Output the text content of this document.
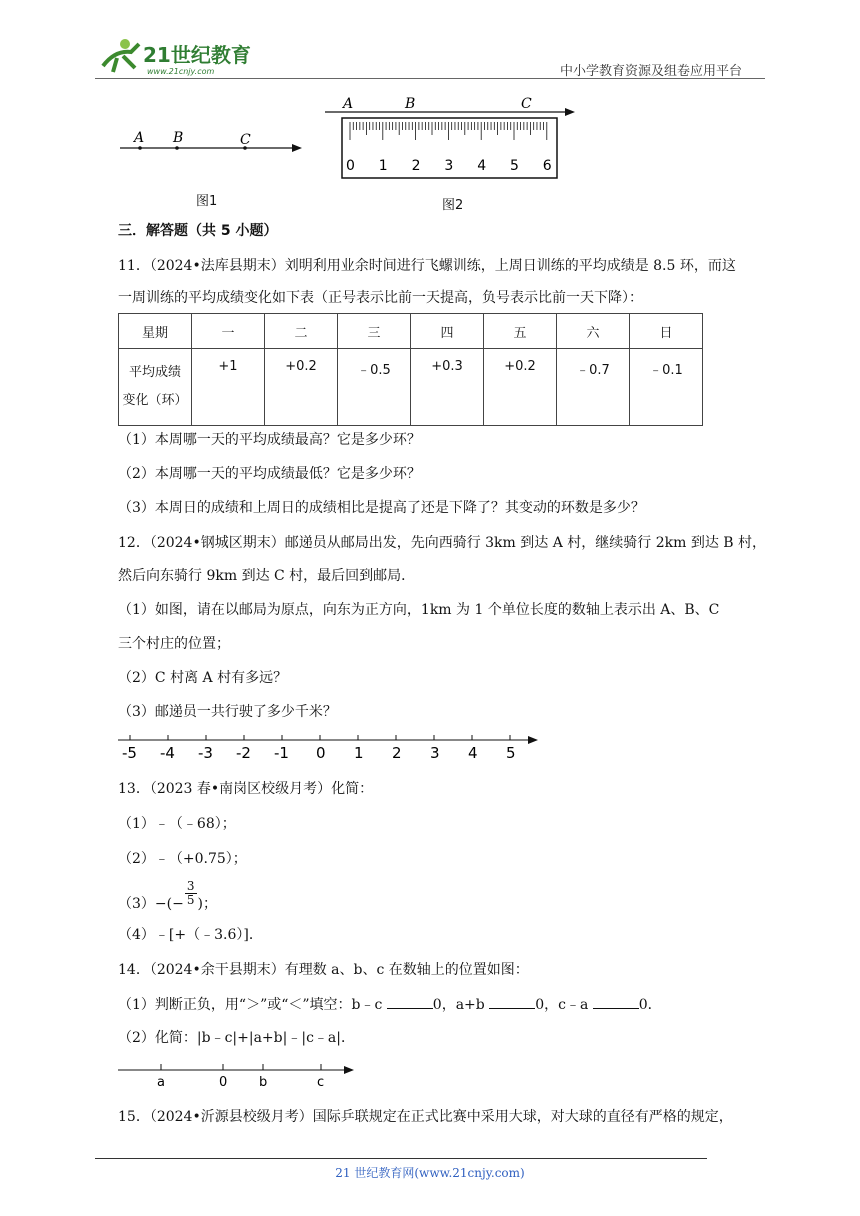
21世纪教育
www.21cnjy.com	中小学教育资源及组卷应用平台
A B	C
图1
A	B	C
0 1 2 3 4 5 6
图2
三．解答题（共 5 小题）
11．（2024•法库县期末）刘明利用业余时间进行飞螺训练，上周日训练的平均成绩是 8.5 环，而这
一周训练的平均成绩变化如下表（正号表示比前一天提高，负号表示比前一天下降）：
星期	一	二	三	四	五	六	日

平均成绩
变化（环）	+1	+0.2	﹣0.5	+0.3	+0.2	﹣0.7	﹣0.1
（1）本周哪一天的平均成绩最高？它是多少环？
（2）本周哪一天的平均成绩最低？它是多少环？
（3）本周日的成绩和上周日的成绩相比是提高了还是下降了？其变动的环数是多少？
12．（2024•钢城区期末）邮递员从邮局出发，先向西骑行 3km 到达 A 村，继续骑行 2km 到达 B 村，
然后向东骑行 9km 到达 C 村，最后回到邮局．
（1）如图，请在以邮局为原点，向东为正方向，1km 为 1 个单位长度的数轴上表示出 A、B、C
三个村庄的位置；
（2）C 村离 A 村有多远？
（3）邮递员一共行驶了多少千米？
-5 -4 -3 -2 -1 0 1 2 3 4 5
13．（2023 春•南岗区校级月考）化简：
（1）﹣（﹣68）；
（2）﹣（+0.75）；
$(3)-(- \frac{3}{5}$ )；
（4）﹣[+（﹣3.6）]．
14．（2024•余干县期末）有理数 a、b、c 在数轴上的位置如图：
（1）判断正负，用“＞”或“＜”填空：b﹣c	0，a+b	0，c﹣a	0．
（2）化简：|b﹣c|+|a+b|﹣|c﹣a|．
a	0 b	c
15．（2024•沂源县校级月考）国际乒联规定在正式比赛中采用大球，对大球的直径有严格的规定，
21 世纪教育网(www.21cnjy.com)
